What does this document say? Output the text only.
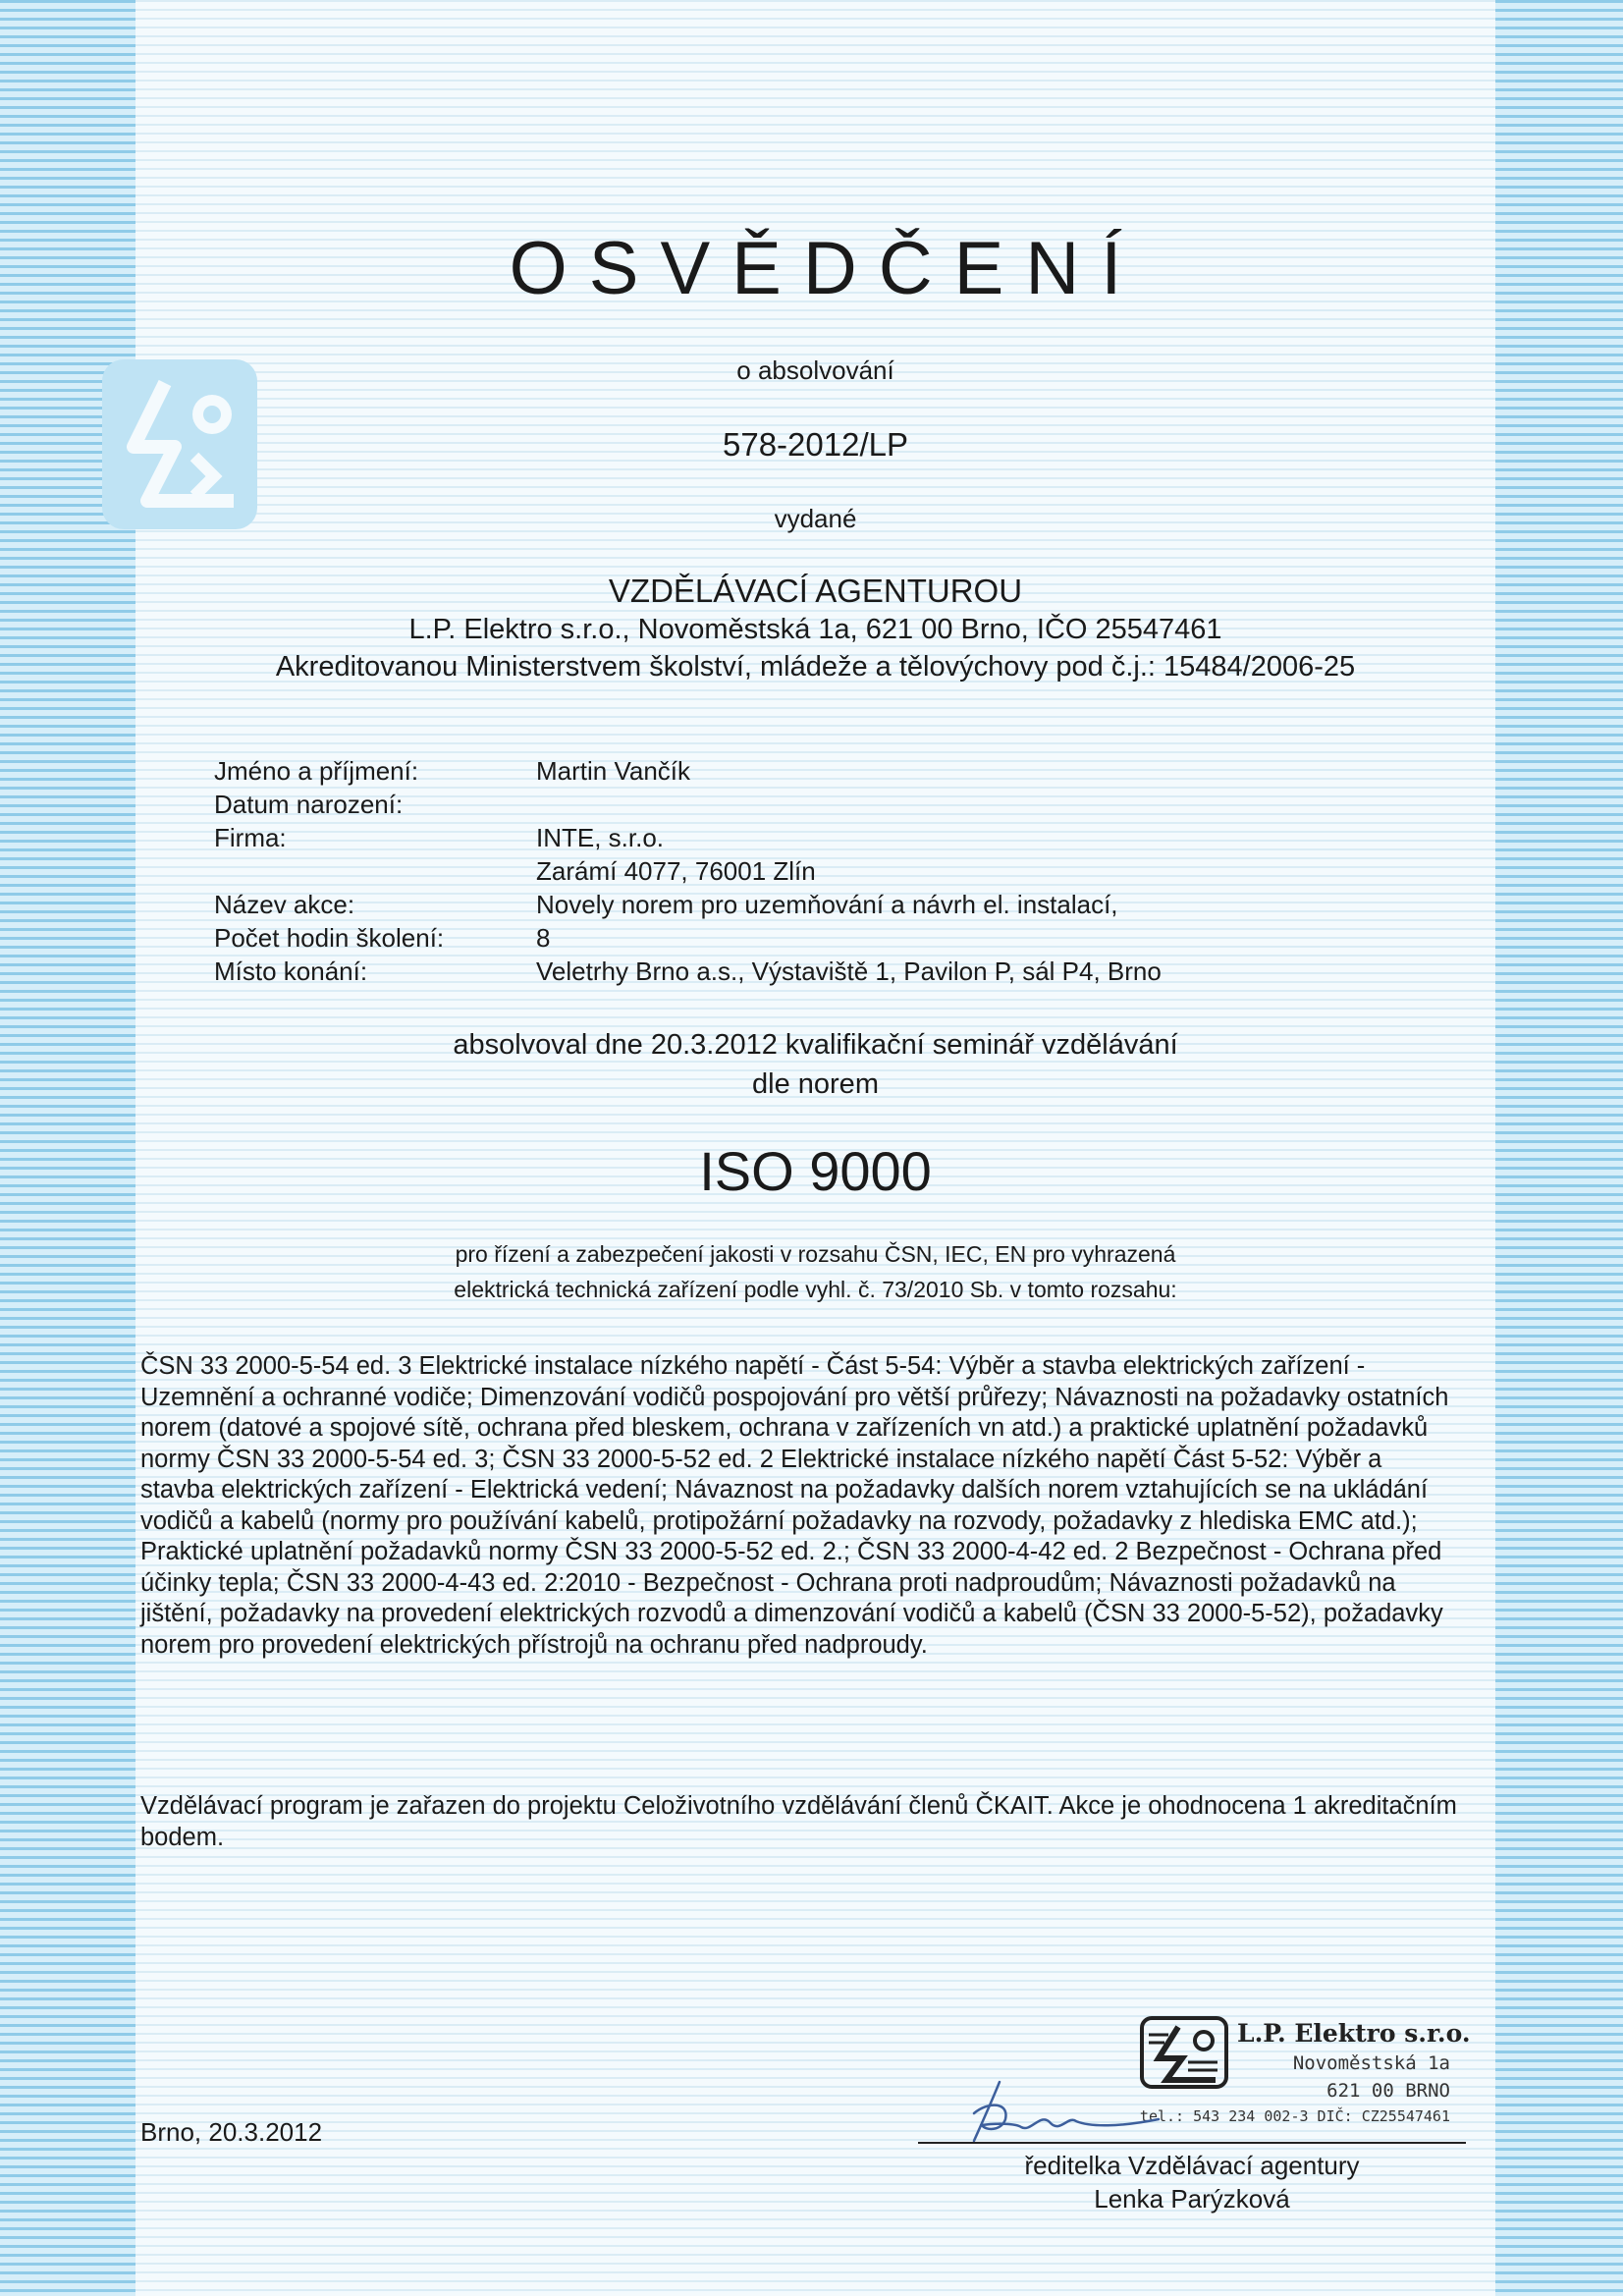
OSVĚDČENÍ
o absolvování
578-2012/LP
vydané
VZDĚLÁVACÍ AGENTUROU
L.P. Elektro s.r.o., Novoměstská 1a, 621 00 Brno, IČO 25547461
Akreditovanou Ministerstvem školství, mládeže a tělovýchovy pod č.j.: 15484/2006-25
Jméno a příjmení:	Martin Vančík
Datum narození:
Firma:	INTE, s.r.o.
Zarámí 4077, 76001 Zlín
Název akce:	Novely norem pro uzemňování a návrh el. instalací,
Počet hodin školení:	8
Místo konání:	Veletrhy Brno a.s., Výstaviště 1, Pavilon P, sál P4, Brno
absolvoval dne 20.3.2012 kvalifikační seminář vzdělávání
dle norem
ISO 9000
pro řízení a zabezpečení jakosti v rozsahu ČSN, IEC, EN pro vyhrazená
elektrická technická zařízení podle vyhl. č. 73/2010 Sb. v tomto rozsahu:
ČSN 33 2000-5-54 ed. 3 Elektrické instalace nízkého napětí - Část 5-54: Výběr a stavba elektrických zařízení - Uzemnění a ochranné vodiče; Dimenzování vodičů pospojování pro větší průřezy; Návaznosti na požadavky ostatních norem (datové a spojové sítě, ochrana před bleskem, ochrana v zařízeních vn atd.) a praktické uplatnění požadavků normy ČSN 33 2000-5-54 ed. 3; ČSN 33 2000-5-52 ed. 2 Elektrické instalace nízkého napětí Část 5-52: Výběr a stavba elektrických zařízení - Elektrická vedení; Návaznost na požadavky dalších norem vztahujících se na ukládání vodičů a kabelů (normy pro používání kabelů, protipožární požadavky na rozvody, požadavky z hlediska EMC atd.); Praktické uplatnění požadavků normy ČSN 33 2000-5-52 ed. 2.; ČSN 33 2000-4-42 ed. 2 Bezpečnost - Ochrana před účinky tepla; ČSN 33 2000-4-43 ed. 2:2010 - Bezpečnost - Ochrana proti nadproudům; Návaznosti požadavků na jištění, požadavky na provedení elektrických rozvodů a dimenzování vodičů a kabelů (ČSN 33 2000-5-52), požadavky norem pro provedení elektrických přístrojů na ochranu před nadproudy.
Vzdělávací program je zařazen do projektu Celoživotního vzdělávání členů ČKAIT. Akce je ohodnocena 1 akreditačním bodem.
Brno, 20.3.2012
L.P. Elektro s.r.o.
Novoměstská 1a
621 00 BRNO
tel.: 543 234 002-3 DIČ: CZ25547461
ředitelka Vzdělávací agentury
Lenka Parýzková
